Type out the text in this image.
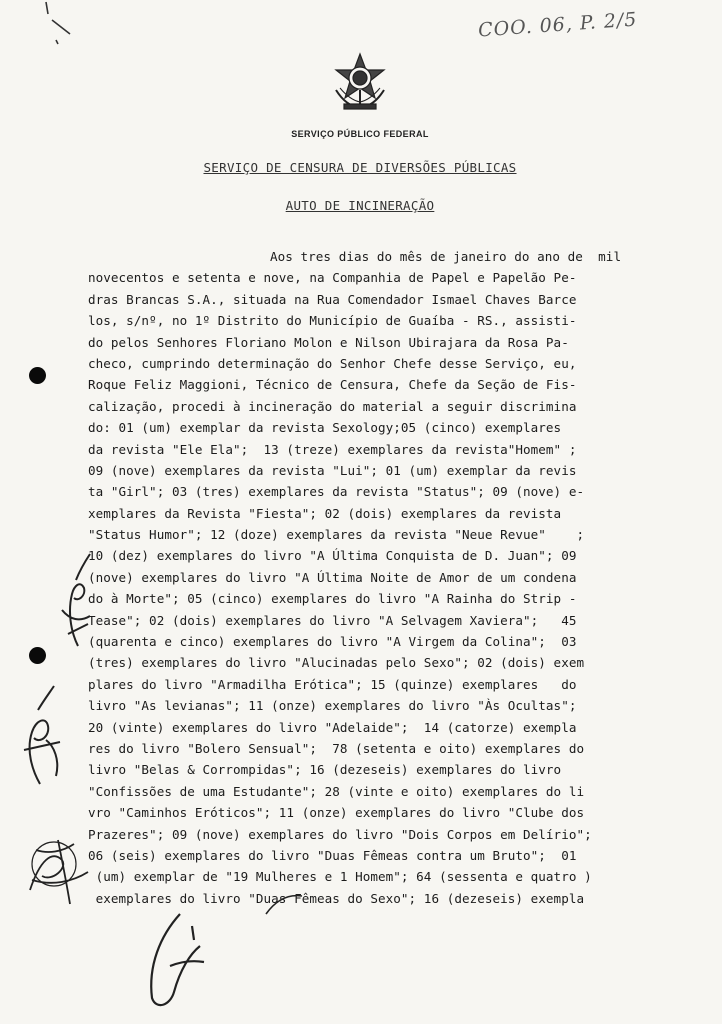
COO. 06, P. 2/5
SERVIÇO PÚBLICO FEDERAL
SERVIÇO DE CENSURA DE DIVERSÕES PÚBLICAS
AUTO DE INCINERAÇÃO
Aos tres dias do mês de janeiro do ano de  mil
novecentos e setenta e nove, na Companhia de Papel e Papelão Pe-
dras Brancas S.A., situada na Rua Comendador Ismael Chaves Barce
los, s/nº, no 1º Distrito do Município de Guaíba - RS., assisti-
do pelos Senhores Floriano Molon e Nilson Ubirajara da Rosa Pa-
checo, cumprindo determinação do Senhor Chefe desse Serviço, eu,
Roque Feliz Maggioni, Técnico de Censura, Chefe da Seção de Fis-
calização, procedi à incineração do material a seguir discrimina
do: 01 (um) exemplar da revista Sexology;05 (cinco) exemplares
da revista "Ele Ela";  13 (treze) exemplares da revista"Homem" ;
09 (nove) exemplares da revista "Lui"; 01 (um) exemplar da revis
ta "Girl"; 03 (tres) exemplares da revista "Status"; 09 (nove) e-
xemplares da Revista "Fiesta"; 02 (dois) exemplares da revista
"Status Humor"; 12 (doze) exemplares da revista "Neue Revue"    ;
10 (dez) exemplares do livro "A Última Conquista de D. Juan"; 09
(nove) exemplares do livro "A Última Noite de Amor de um condena
do à Morte"; 05 (cinco) exemplares do livro "A Rainha do Strip -
Tease"; 02 (dois) exemplares do livro "A Selvagem Xaviera";   45
(quarenta e cinco) exemplares do livro "A Virgem da Colina";  03
(tres) exemplares do livro "Alucinadas pelo Sexo"; 02 (dois) exem
plares do livro "Armadilha Erótica"; 15 (quinze) exemplares   do
livro "As levianas"; 11 (onze) exemplares do livro "Às Ocultas";
20 (vinte) exemplares do livro "Adelaide";  14 (catorze) exempla
res do livro "Bolero Sensual";  78 (setenta e oito) exemplares do
livro "Belas & Corrompidas"; 16 (dezeseis) exemplares do livro
"Confissões de uma Estudante"; 28 (vinte e oito) exemplares do li
vro "Caminhos Eróticos"; 11 (onze) exemplares do livro "Clube dos
Prazeres"; 09 (nove) exemplares do livro "Dois Corpos em Delírio";
06 (seis) exemplares do livro "Duas Fêmeas contra um Bruto";  01
(um) exemplar de "19 Mulheres e 1 Homem"; 64 (sessenta e quatro )
exemplares do livro "Duas Fêmeas do Sexo"; 16 (dezeseis) exempla
